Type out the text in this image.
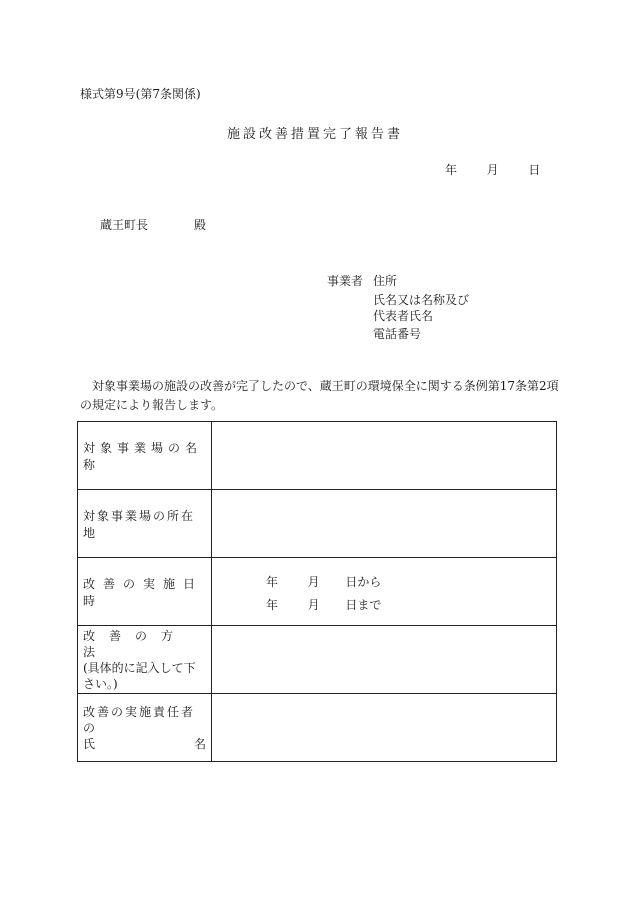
様式第9号(第7条関係)
施設改善措置完了報告書
年 月 日
蔵王町長	殿
事業者 住所
氏名又は名称及び
代表者氏名
電話番号
対象事業場の施設の改善が完了したので、蔵王町の環境保全に関する条例第17条第2項の規定により報告します。
対象事業場の名称	

対象事業場の所在地	

改善の実施日時	年 月 日から
年 月 日まで

改善の方法
(具体的に記入して下
さい。)	

改善の実施責任者の
氏 名	
